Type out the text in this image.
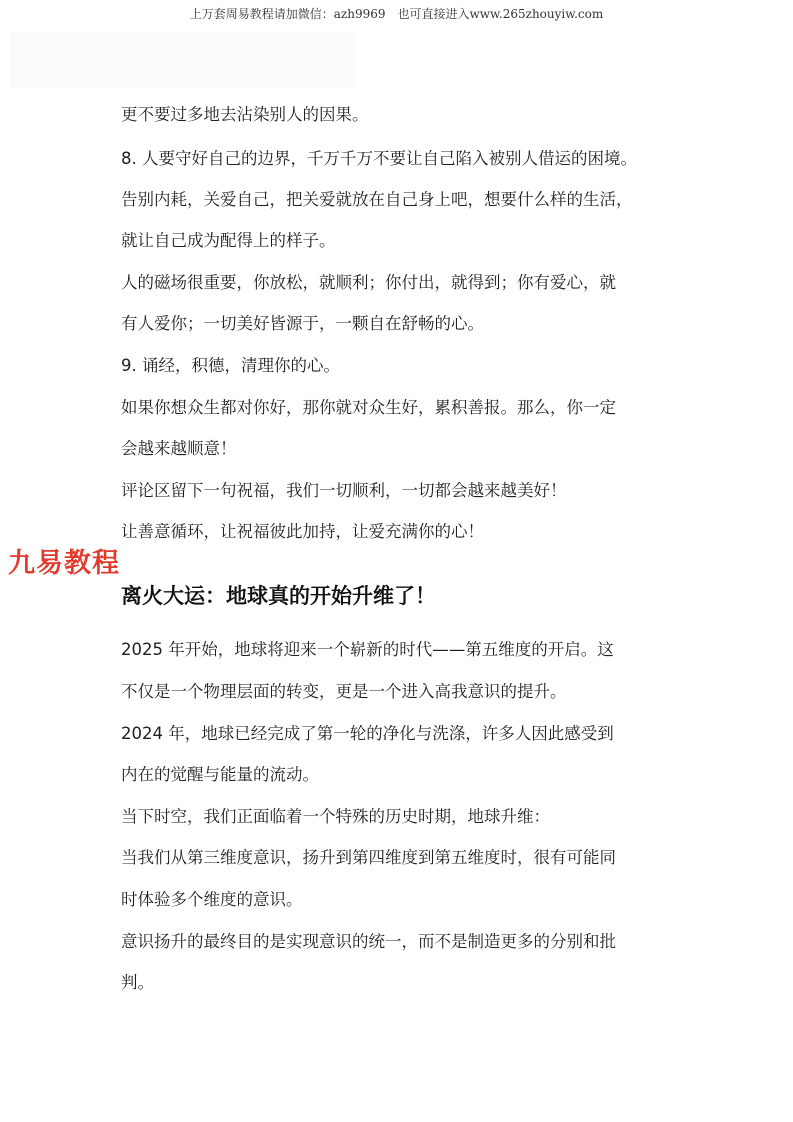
上万套周易教程请加微信：azh9969　也可直接进入www.265zhouyiw.com
更不要过多地去沾染别人的因果。
8. 人要守好自己的边界，千万千万不要让自己陷入被别人借运的困境。
告别内耗，关爱自己，把关爱就放在自己身上吧，想要什么样的生活，
就让自己成为配得上的样子。
人的磁场很重要，你放松，就顺利；你付出，就得到；你有爱心，就
有人爱你；一切美好皆源于，一颗自在舒畅的心。
9. 诵经，积德，清理你的心。
如果你想众生都对你好，那你就对众生好，累积善报。那么，你一定
会越来越顺意！
评论区留下一句祝福，我们一切顺利，一切都会越来越美好！
让善意循环，让祝福彼此加持，让爱充满你的心！
九易教程
离火大运：地球真的开始升维了！
2025 年开始，地球将迎来一个崭新的时代——第五维度的开启。这
不仅是一个物理层面的转变，更是一个进入高我意识的提升。
2024 年，地球已经完成了第一轮的净化与洗涤，许多人因此感受到
内在的觉醒与能量的流动。
当下时空，我们正面临着一个特殊的历史时期，地球升维：
当我们从第三维度意识，扬升到第四维度到第五维度时，很有可能同
时体验多个维度的意识。
意识扬升的最终目的是实现意识的统一，而不是制造更多的分别和批
判。
